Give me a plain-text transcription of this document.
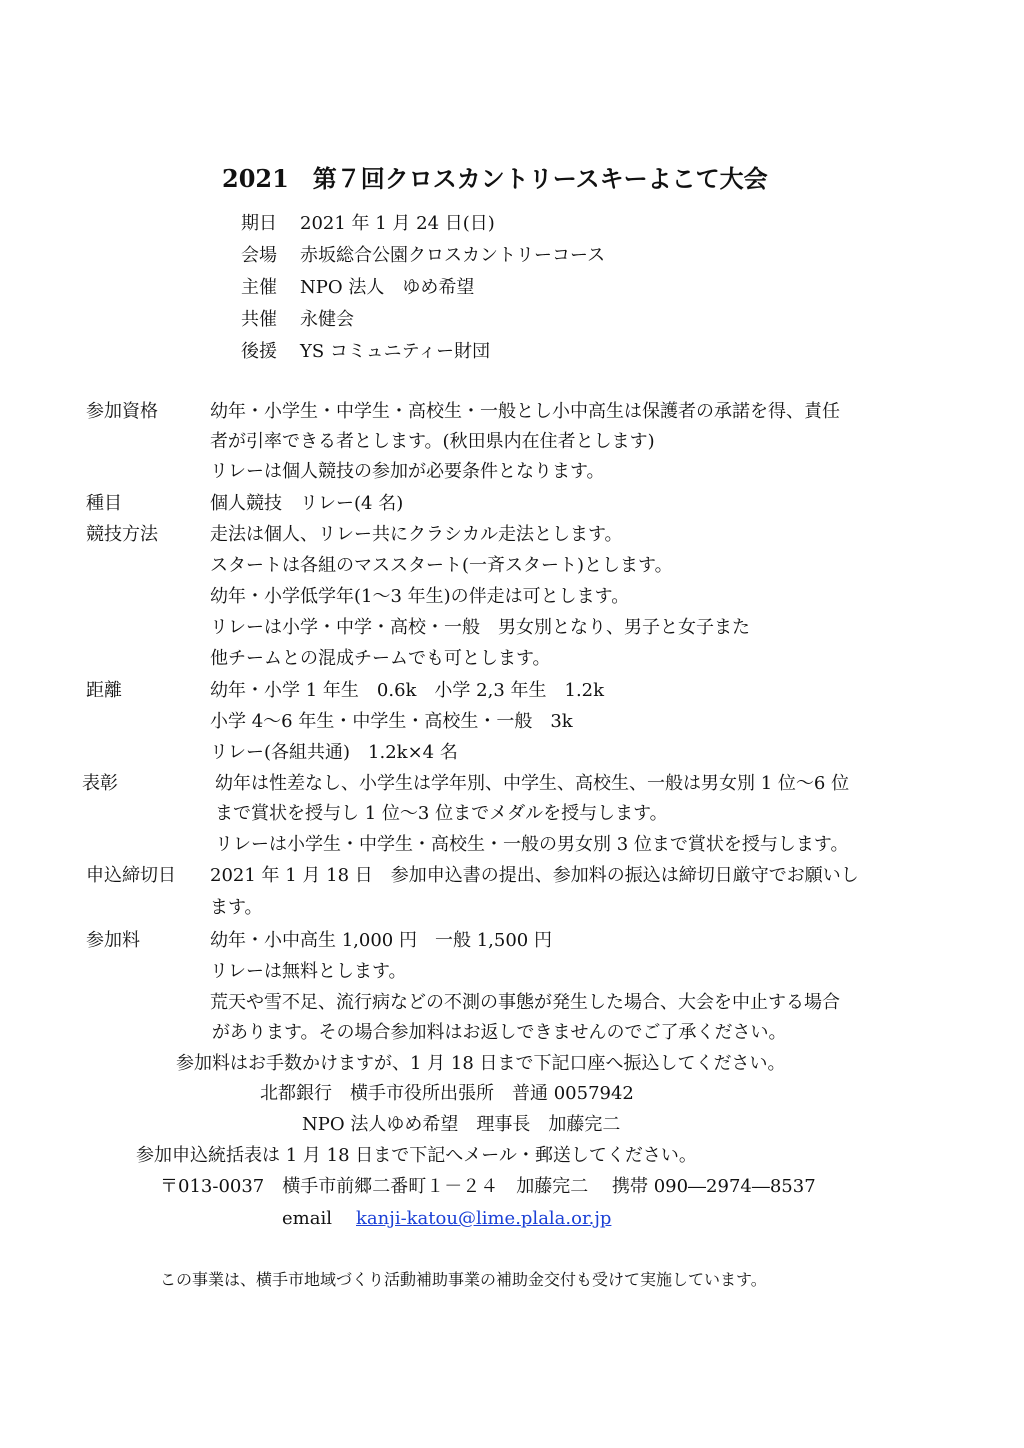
2021　第７回クロスカントリースキーよこて大会
期日 2021 年 1 月 24 日(日)
会場 赤坂総合公園クロスカントリーコース
主催 NPO 法人　ゆめ希望
共催 永健会
後援 YS コミュニティー財団
参加資格	幼年・小学生・中学生・高校生・一般とし小中高生は保護者の承諾を得、責任
者が引率できる者とします。(秋田県内在住者とします)
リレーは個人競技の参加が必要条件となります。
種目	個人競技　リレー(4 名)
競技方法	走法は個人、リレー共にクラシカル走法とします。
スタートは各組のマススタート(一斉スタート)とします。
幼年・小学低学年(1〜3 年生)の伴走は可とします。
リレーは小学・中学・高校・一般　男女別となり、男子と女子また
他チームとの混成チームでも可とします。
距離	幼年・小学 1 年生　0.6k　小学 2,3 年生　1.2k
小学 4〜6 年生・中学生・高校生・一般　3k
リレー(各組共通)　1.2k×4 名
表彰	幼年は性差なし、小学生は学年別、中学生、高校生、一般は男女別 1 位〜6 位
まで賞状を授与し 1 位〜3 位までメダルを授与します。
リレーは小学生・中学生・高校生・一般の男女別 3 位まで賞状を授与します。
申込締切日 2021 年 1 月 18 日　参加申込書の提出、参加料の振込は締切日厳守でお願いし
ます。
参加料	幼年・小中高生 1,000 円　一般 1,500 円
リレーは無料とします。
荒天や雪不足、流行病などの不測の事態が発生した場合、大会を中止する場合
があります。その場合参加料はお返しできませんのでご了承ください。
参加料はお手数かけますが、1 月 18 日まで下記口座へ振込してください。
北都銀行　横手市役所出張所　普通 0057942
NPO 法人ゆめ希望　理事長　加藤完二
参加申込統括表は 1 月 18 日まで下記へメール・郵送してください。
〒013-0037　横手市前郷二番町１－２４　加藤完二　 携帯 090―2974―8537
email kanji-katou@lime.plala.or.jp
この事業は、横手市地域づくり活動補助事業の補助金交付も受けて実施しています。
